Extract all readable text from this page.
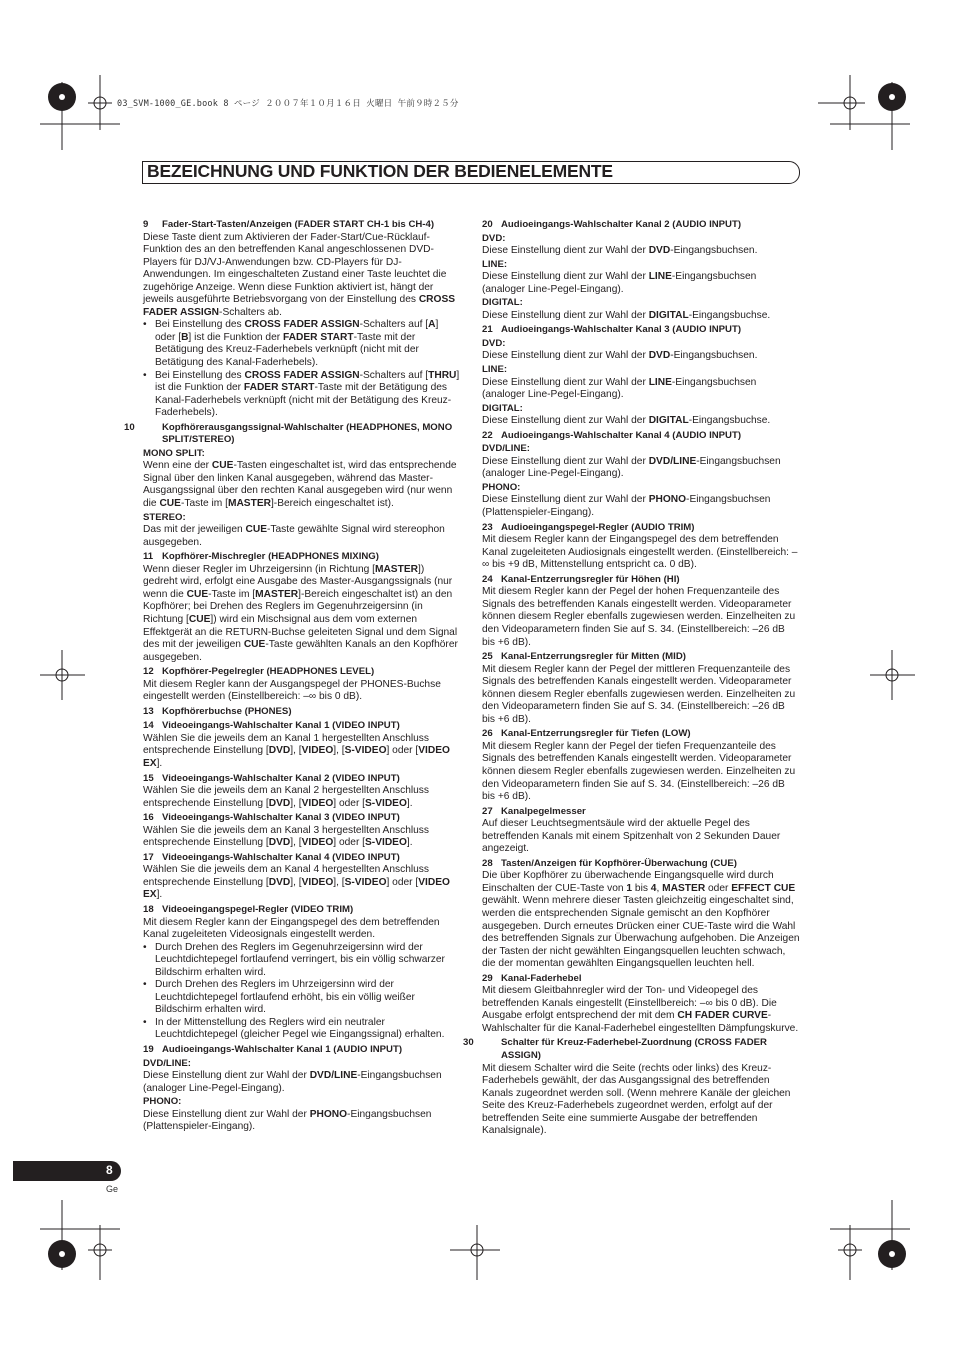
03_SVM-1000_GE.book 8 ページ ２００７年１０月１６日 火曜日 午前９時２５分
BEZEICHNUNG UND FUNKTION DER BEDIENELEMENTE

9 Fader-Start-Tasten/Anzeigen (FADER START CH-1 bis CH-4)

Diese Taste dient zum Aktivieren der Fader-Start/Cue-Rücklauf-Funktion des an den betreffenden Kanal angeschlossenen DVD-Players für DJ/VJ-Anwendungen bzw. CD-Players für DJ-Anwendungen. Im eingeschalteten Zustand einer Taste leuchtet die zugehörige Anzeige. Wenn diese Funktion aktiviert ist, hängt der jeweils ausgeführte Betriebsvorgang von der Einstellung des CROSS FADER ASSIGN-Schalters ab.

• Bei Einstellung des CROSS FADER ASSIGN-Schalters auf [A] oder [B] ist die Funktion der FADER START-Taste mit der Betätigung des Kreuz-Faderhebels verknüpft (nicht mit der Betätigung des Kanal-Faderhebels).
• Bei Einstellung des CROSS FADER ASSIGN-Schalters auf [THRU] ist die Funktion der FADER START-Taste mit der Betätigung des Kanal-Faderhebels verknüpft (nicht mit der Betätigung des Kreuz-Faderhebels).

10	Kopfhörerausgangssignal-Wahlschalter (HEADPHONES, MONO SPLIT/STEREO)

MONO SPLIT:

Wenn eine der CUE-Tasten eingeschaltet ist, wird das entsprechende Signal über den linken Kanal ausgegeben, während das Master-Ausgangssignal über den rechten Kanal ausgegeben wird (nur wenn die CUE-Taste im [MASTER]-Bereich eingeschaltet ist).

STEREO:

Das mit der jeweiligen CUE-Taste gewählte Signal wird stereophon ausgegeben.

11 Kopfhörer-Mischregler (HEADPHONES MIXING)

Wenn dieser Regler im Uhrzeigersinn (in Richtung [MASTER]) gedreht wird, erfolgt eine Ausgabe des Master-Ausgangssignals (nur wenn die CUE-Taste im [MASTER]-Bereich eingeschaltet ist) an den Kopfhörer; bei Drehen des Reglers im Gegenuhrzeigersinn (in Richtung [CUE]) wird ein Mischsignal aus dem vom externen Effektgerät an die RETURN-Buchse geleiteten Signal und dem Signal des mit der jeweiligen CUE-Taste gewählten Kanals an den Kopfhörer ausgegeben.

12 Kopfhörer-Pegelregler (HEADPHONES LEVEL)

Mit diesem Regler kann der Ausgangspegel der PHONES-Buchse eingestellt werden (Einstellbereich: –∞ bis 0 dB).

13 Kopfhörerbuchse (PHONES)

14 Videoeingangs-Wahlschalter Kanal 1 (VIDEO INPUT)

Wählen Sie die jeweils dem an Kanal 1 hergestellten Anschluss entsprechende Einstellung [DVD], [VIDEO], [S-VIDEO] oder [VIDEO EX].

15 Videoeingangs-Wahlschalter Kanal 2 (VIDEO INPUT)

Wählen Sie die jeweils dem an Kanal 2 hergestellten Anschluss entsprechende Einstellung [DVD], [VIDEO] oder [S-VIDEO].

16 Videoeingangs-Wahlschalter Kanal 3 (VIDEO INPUT)

Wählen Sie die jeweils dem an Kanal 3 hergestellten Anschluss entsprechende Einstellung [DVD], [VIDEO] oder [S-VIDEO].

17 Videoeingangs-Wahlschalter Kanal 4 (VIDEO INPUT)

Wählen Sie die jeweils dem an Kanal 4 hergestellten Anschluss entsprechende Einstellung [DVD], [VIDEO], [S-VIDEO] oder [VIDEO EX].

18 Videoeingangspegel-Regler (VIDEO TRIM)

Mit diesem Regler kann der Eingangspegel des dem betreffenden Kanal zugeleiteten Videosignals eingestellt werden.

• Durch Drehen des Reglers im Gegenuhrzeigersinn wird der Leuchtdichtepegel fortlaufend verringert, bis ein völlig schwarzer Bildschirm erhalten wird.
• Durch Drehen des Reglers im Uhrzeigersinn wird der Leuchtdichtepegel fortlaufend erhöht, bis ein völlig weißer Bildschirm erhalten wird.
• In der Mittenstellung des Reglers wird ein neutraler Leuchtdichtepegel (gleicher Pegel wie Eingangssignal) erhalten.

19 Audioeingangs-Wahlschalter Kanal 1 (AUDIO INPUT)

DVD/LINE:

Diese Einstellung dient zur Wahl der DVD/LINE-Eingangsbuchsen (analoger Line-Pegel-Eingang).

PHONO:

Diese Einstellung dient zur Wahl der PHONO-Eingangsbuchsen (Plattenspieler-Eingang).

20 Audioeingangs-Wahlschalter Kanal 2 (AUDIO INPUT)

DVD:

Diese Einstellung dient zur Wahl der DVD-Eingangsbuchsen.

LINE:

Diese Einstellung dient zur Wahl der LINE-Eingangsbuchsen (analoger Line-Pegel-Eingang).

DIGITAL:

Diese Einstellung dient zur Wahl der DIGITAL-Eingangsbuchse.

21 Audioeingangs-Wahlschalter Kanal 3 (AUDIO INPUT)

DVD:

Diese Einstellung dient zur Wahl der DVD-Eingangsbuchsen.

LINE:

Diese Einstellung dient zur Wahl der LINE-Eingangsbuchsen (analoger Line-Pegel-Eingang).

DIGITAL:

Diese Einstellung dient zur Wahl der DIGITAL-Eingangsbuchse.

22 Audioeingangs-Wahlschalter Kanal 4 (AUDIO INPUT)

DVD/LINE:

Diese Einstellung dient zur Wahl der DVD/LINE-Eingangsbuchsen (analoger Line-Pegel-Eingang).

PHONO:

Diese Einstellung dient zur Wahl der PHONO-Eingangsbuchsen (Plattenspieler-Eingang).

23 Audioeingangspegel-Regler (AUDIO TRIM)

Mit diesem Regler kann der Eingangspegel des dem betreffenden Kanal zugeleiteten Audiosignals eingestellt werden. (Einstellbereich: –∞ bis +9 dB, Mittenstellung entspricht ca. 0 dB).

24 Kanal-Entzerrungsregler für Höhen (HI)

Mit diesem Regler kann der Pegel der hohen Frequenzanteile des Signals des betreffenden Kanals eingestellt werden. Videoparameter können diesem Regler ebenfalls zugewiesen werden. Einzelheiten zu den Videoparametern finden Sie auf S. 34. (Einstellbereich: –26 dB bis +6 dB).

25 Kanal-Entzerrungsregler für Mitten (MID)

Mit diesem Regler kann der Pegel der mittleren Frequenzanteile des Signals des betreffenden Kanals eingestellt werden. Videoparameter können diesem Regler ebenfalls zugewiesen werden. Einzelheiten zu den Videoparametern finden Sie auf S. 34. (Einstellbereich: –26 dB bis +6 dB).

26 Kanal-Entzerrungsregler für Tiefen (LOW)

Mit diesem Regler kann der Pegel der tiefen Frequenzanteile des Signals des betreffenden Kanals eingestellt werden. Videoparameter können diesem Regler ebenfalls zugewiesen werden. Einzelheiten zu den Videoparametern finden Sie auf S. 34. (Einstellbereich: –26 dB bis +6 dB).

27 Kanalpegelmesser

Auf dieser Leuchtsegmentsäule wird der aktuelle Pegel des betreffenden Kanals mit einem Spitzenhalt von 2 Sekunden Dauer angezeigt.

28 Tasten/Anzeigen für Kopfhörer-Überwachung (CUE)

Die über Kopfhörer zu überwachende Eingangsquelle wird durch Einschalten der CUE-Taste von 1 bis 4, MASTER oder EFFECT CUE gewählt. Wenn mehrere dieser Tasten gleichzeitig eingeschaltet sind, werden die entsprechenden Signale gemischt an den Kopfhörer ausgegeben. Durch erneutes Drücken einer CUE-Taste wird die Wahl des betreffenden Signals zur Überwachung aufgehoben. Die Anzeigen der Tasten der nicht gewählten Eingangsquellen leuchten schwach, die der momentan gewählten Eingangsquellen leuchten hell.

29 Kanal-Faderhebel

Mit diesem Gleitbahnregler wird der Ton- und Videopegel des betreffenden Kanals eingestellt (Einstellbereich: –∞ bis 0 dB). Die Ausgabe erfolgt entsprechend der mit dem CH FADER CURVE-Wahlschalter für die Kanal-Faderhebel eingestellten Dämpfungskurve.

30	Schalter für Kreuz-Faderhebel-Zuordnung (CROSS FADER ASSIGN)

Mit diesem Schalter wird die Seite (rechts oder links) des Kreuz-Faderhebels gewählt, der das Ausgangssignal des betreffenden Kanals zugeordnet werden soll. (Wenn mehrere Kanäle der gleichen Seite des Kreuz-Faderhebels zugeordnet werden, erfolgt auf der betreffenden Seite eine summierte Ausgabe der betreffenden Kanalsignale).

8
Ge
